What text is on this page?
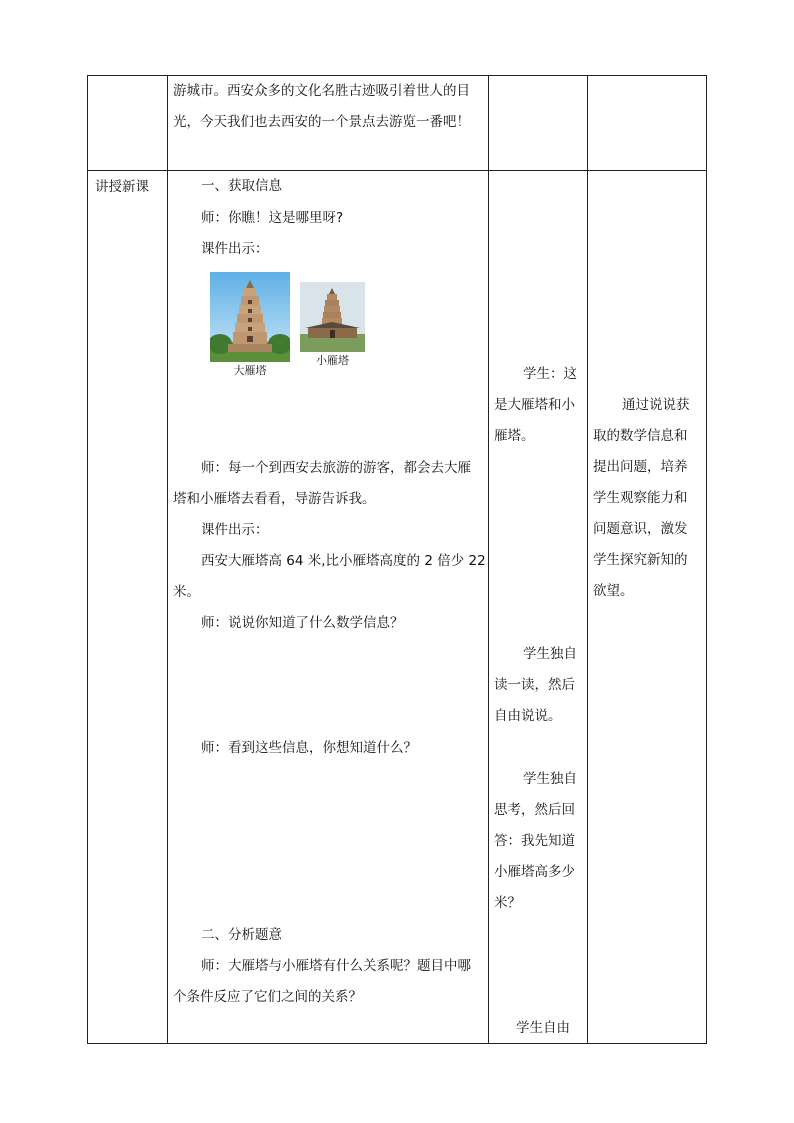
游城市。西安众多的文化名胜古迹吸引着世人的目
光，今天我们也去西安的一个景点去游览一番吧！
讲授新课	一、获取信息
师：你瞧！这是哪里呀?
课件出示：
大雁塔
小雁塔
师：每一个到西安去旅游的游客，都会去大雁
塔和小雁塔去看看，导游告诉我。
课件出示：
西安大雁塔高 64 米,比小雁塔高度的 2 倍少 22
米。
师：说说你知道了什么数学信息？
师：看到这些信息，你想知道什么？
二、分析题意
师：大雁塔与小雁塔有什么关系呢？题目中哪
个条件反应了它们之间的关系？
学生：这
是大雁塔和小
雁塔。
学生独自
读一读，然后
自由说说。
学生独自
思考，然后回
答：我先知道
小雁塔高多少
米？
学生自由
通过说说获
取的数学信息和
提出问题，培养
学生观察能力和
问题意识，激发
学生探究新知的
欲望。
